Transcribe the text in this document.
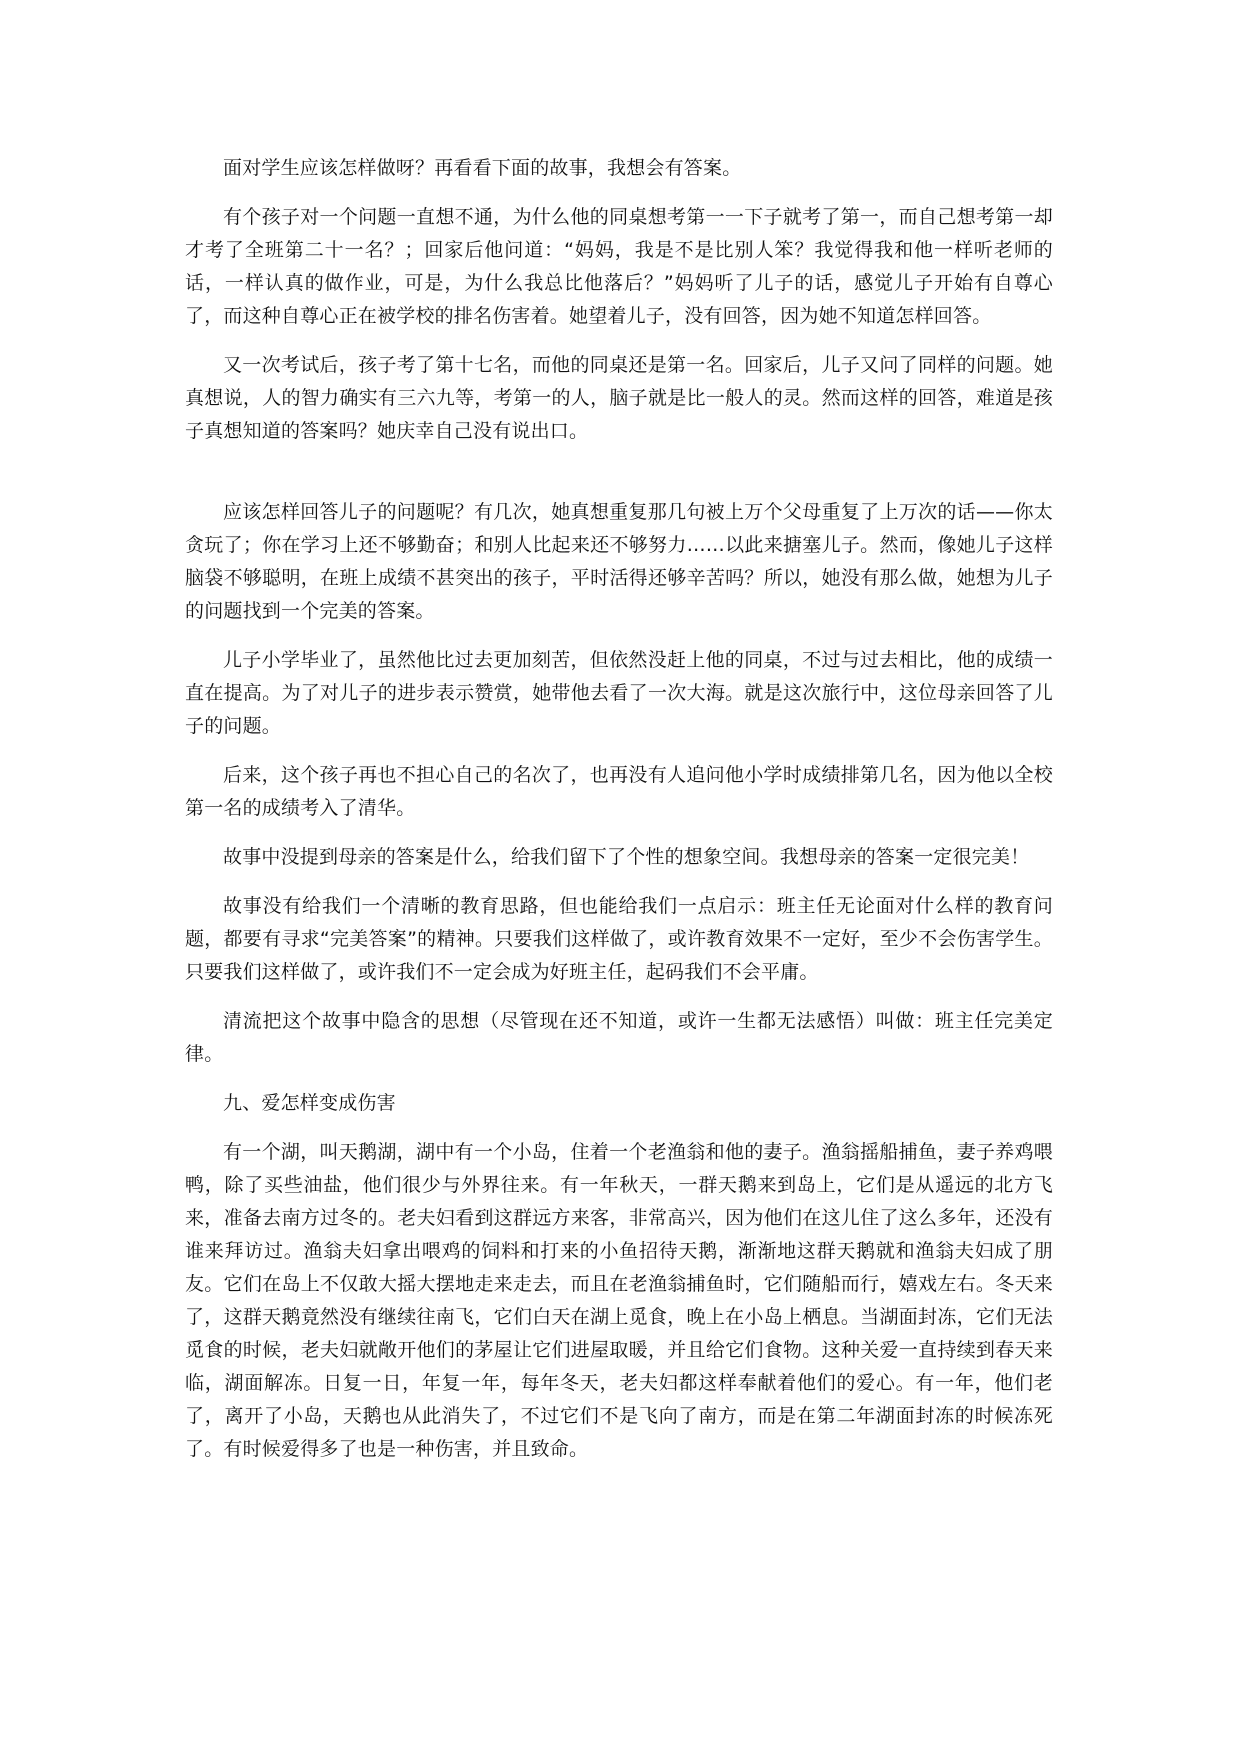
面对学生应该怎样做呀？再看看下面的故事，我想会有答案。

有个孩子对一个问题一直想不通，为什么他的同桌想考第一一下子就考了第一，而自己想考第一却才考了全班第二十一名？；回家后他问道：“妈妈，我是不是比别人笨？我觉得我和他一样听老师的话，一样认真的做作业，可是，为什么我总比他落后？”妈妈听了儿子的话，感觉儿子开始有自尊心了，而这种自尊心正在被学校的排名伤害着。她望着儿子，没有回答，因为她不知道怎样回答。

又一次考试后，孩子考了第十七名，而他的同桌还是第一名。回家后，儿子又问了同样的问题。她真想说，人的智力确实有三六九等，考第一的人，脑子就是比一般人的灵。然而这样的回答，难道是孩子真想知道的答案吗？她庆幸自己没有说出口。

应该怎样回答儿子的问题呢？有几次，她真想重复那几句被上万个父母重复了上万次的话——你太贪玩了；你在学习上还不够勤奋；和别人比起来还不够努力……以此来搪塞儿子。然而，像她儿子这样脑袋不够聪明，在班上成绩不甚突出的孩子，平时活得还够辛苦吗？所以，她没有那么做，她想为儿子的问题找到一个完美的答案。

儿子小学毕业了，虽然他比过去更加刻苦，但依然没赶上他的同桌，不过与过去相比，他的成绩一直在提高。为了对儿子的进步表示赞赏，她带他去看了一次大海。就是这次旅行中，这位母亲回答了儿子的问题。

后来，这个孩子再也不担心自己的名次了，也再没有人追问他小学时成绩排第几名，因为他以全校第一名的成绩考入了清华。

故事中没提到母亲的答案是什么，给我们留下了个性的想象空间。我想母亲的答案一定很完美！

故事没有给我们一个清晰的教育思路，但也能给我们一点启示：班主任无论面对什么样的教育问题，都要有寻求“完美答案”的精神。只要我们这样做了，或许教育效果不一定好，至少不会伤害学生。只要我们这样做了，或许我们不一定会成为好班主任，起码我们不会平庸。

清流把这个故事中隐含的思想（尽管现在还不知道，或许一生都无法感悟）叫做：班主任完美定律。

九、爱怎样变成伤害

有一个湖，叫天鹅湖，湖中有一个小岛，住着一个老渔翁和他的妻子。渔翁摇船捕鱼，妻子养鸡喂鸭，除了买些油盐，他们很少与外界往来。有一年秋天，一群天鹅来到岛上，它们是从遥远的北方飞来，准备去南方过冬的。老夫妇看到这群远方来客，非常高兴，因为他们在这儿住了这么多年，还没有谁来拜访过。渔翁夫妇拿出喂鸡的饲料和打来的小鱼招待天鹅，渐渐地这群天鹅就和渔翁夫妇成了朋友。它们在岛上不仅敢大摇大摆地走来走去，而且在老渔翁捕鱼时，它们随船而行，嬉戏左右。冬天来了，这群天鹅竟然没有继续往南飞，它们白天在湖上觅食，晚上在小岛上栖息。当湖面封冻，它们无法觅食的时候，老夫妇就敞开他们的茅屋让它们进屋取暖，并且给它们食物。这种关爱一直持续到春天来临，湖面解冻。日复一日，年复一年，每年冬天，老夫妇都这样奉献着他们的爱心。有一年，他们老了，离开了小岛，天鹅也从此消失了，不过它们不是飞向了南方，而是在第二年湖面封冻的时候冻死了。有时候爱得多了也是一种伤害，并且致命。
